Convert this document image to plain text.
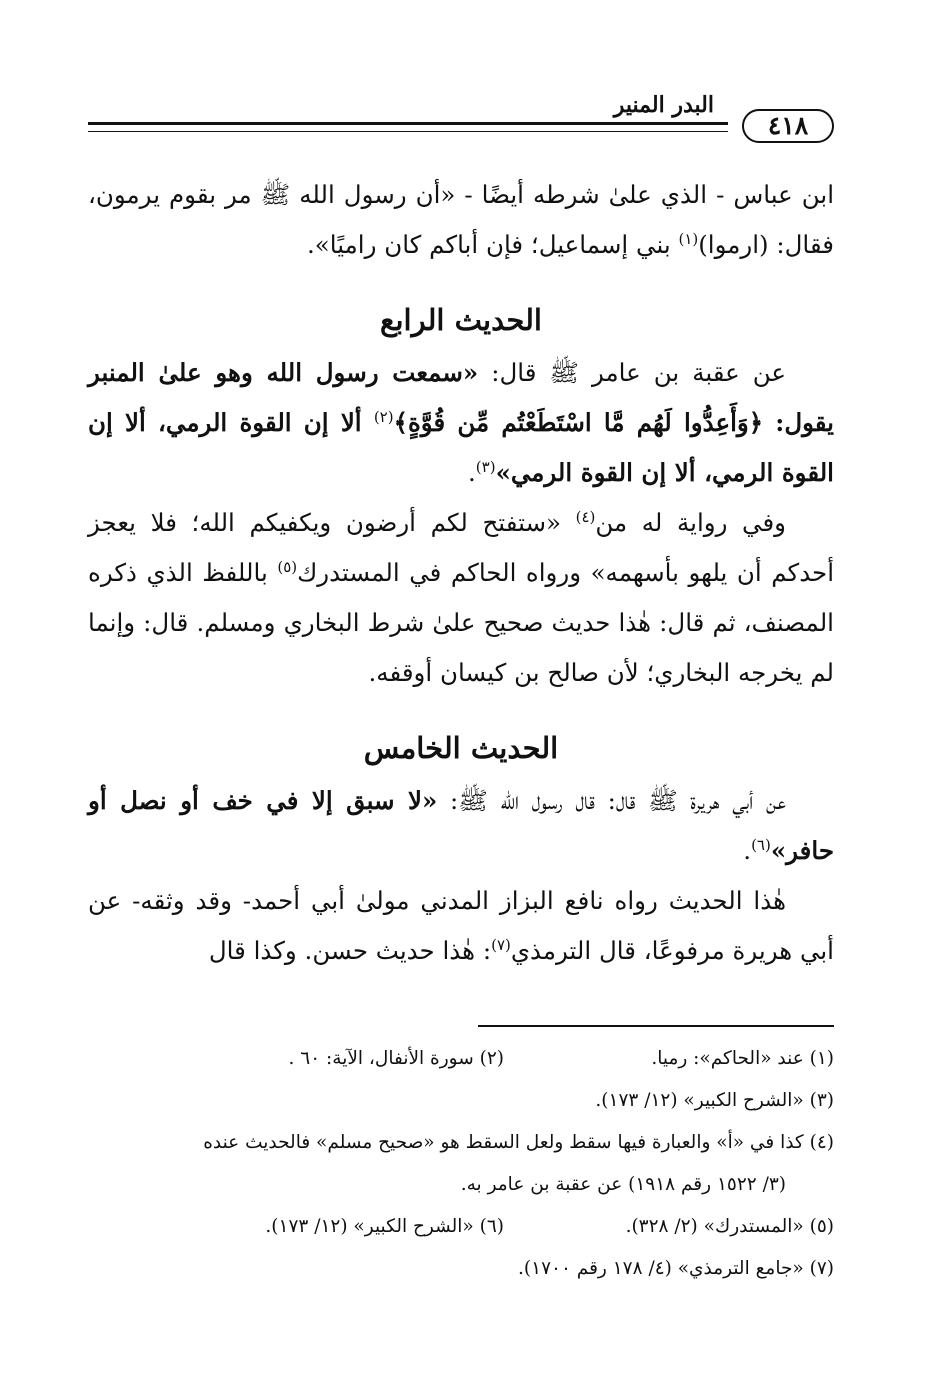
البدر المنير
٤١٨

ابن عباس - الذي علىٰ شرطه أيضًا - «أن رسول الله ﷺ مر بقوم يرمون، فقال: (ارموا)$^{(١)}$ بني إسماعيل؛ فإن أباكم كان راميًا».

الحديث الرابع

عن عقبة بن عامر ﷺ قال: «سمعت رسول الله وهو علىٰ المنبر يقول: ﴿وَأَعِدُّوا لَهُم مَّا اسْتَطَعْتُم مِّن قُوَّةٍ﴾$^{(٢)}$ ألا إن القوة الرمي، ألا إن القوة الرمي، ألا إن القوة الرمي»$^{(٣)}$.

وفي رواية له من$^{(٤)}$ «ستفتح لكم أرضون ويكفيكم الله؛ فلا يعجز أحدكم أن يلهو بأسهمه» ورواه الحاكم في المستدرك$^{(٥)}$ باللفظ الذي ذكره المصنف، ثم قال: هٰذا حديث صحيح علىٰ شرط البخاري ومسلم. قال: وإنما لم يخرجه البخاري؛ لأن صالح بن كيسان أوقفه.

الحديث الخامس

عن أبي هريرة ﷺ قال: قال رسول الله ﷺ: «لا سبق إلا في خف أو نصل أو حافر»$^{(٦)}$.

هٰذا الحديث رواه نافع البزاز المدني مولىٰ أبي أحمد- وقد وثقه- عن أبي هريرة مرفوعًا، قال الترمذي$^{(٧)}$: هٰذا حديث حسن. وكذا قال

(١) عند «الحاكم»: رميا.
(٢) سورة الأنفال، الآية: ٦٠ .
(٣) «الشرح الكبير» (١٢/ ١٧٣).
(٤) كذا في «أ» والعبارة فيها سقط ولعل السقط هو «صحيح مسلم» فالحديث عنده
(٣/ ١٥٢٢ رقم ١٩١٨) عن عقبة بن عامر به.
(٥) «المستدرك» (٢/ ٣٢٨).
(٦) «الشرح الكبير» (١٢/ ١٧٣).
(٧) «جامع الترمذي» (٤/ ١٧٨ رقم ١٧٠٠).
